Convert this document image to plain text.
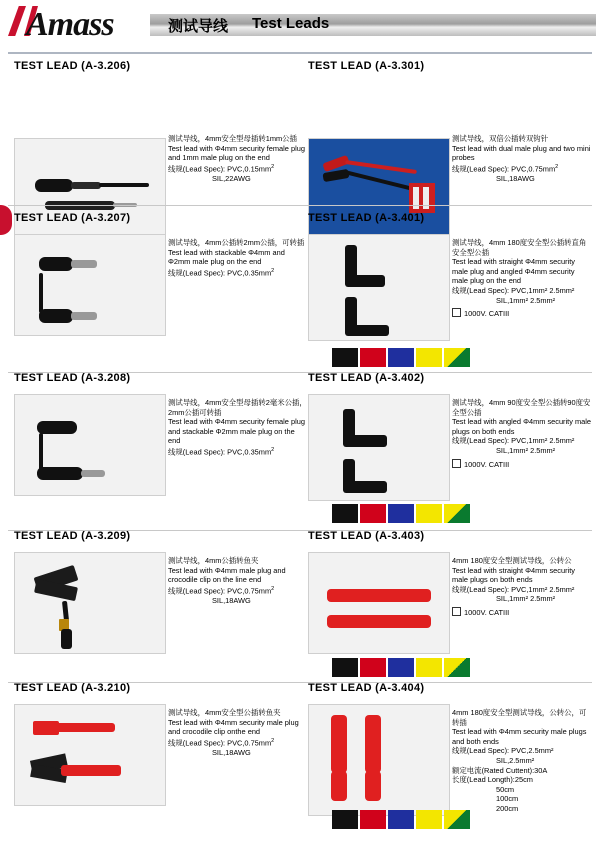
Amass	测试导线 Test Leads
TEST LEAD (A-3.206)
测试导线，4mm安全型母插转1mm公插
Test lead with Φ4mm security female plug and 1mm male plug on the end
线规(Lead Spec): $PVC,0.15mm^2$

SIL,22AWG
TEST LEAD (A-3.301)
测试导线，双倍公插转双钩针
Test lead with dual male plug and two mini probes
线规(Lead Spec): $PVC,0.75mm^2$

SIL,18AWG
TEST LEAD (A-3.207)
测试导线，4mm公插转2mm公插，可转插
Test lead with stackable Φ4mm and Φ2mm male plug on the end
线规(Lead Spec): $PVC,0.35mm^2$
TEST LEAD (A-3.401)
测试导线，4mm 180度安全型公插转直角安全型公插
Test lead with straight Φ4mm security male plug and angled Φ4mm security male plug on the end
线规(Lead Spec): PVC,1mm² 2.5mm²

SIL,1mm² 2.5mm²
1000V. CATIII
TEST LEAD (A-3.208)
测试导线，4mm安全型母插转2毫米公插，2mm公插可转插
Test lead with Φ4mm security female plug and stackable Φ2mm male plug on the end
线规(Lead Spec): $PVC,0.35mm^2$
TEST LEAD (A-3.402)
测试导线，4mm 90度安全型公插转90度安全型公插
Test lead with angled Φ4mm security male plugs on both ends
线规(Lead Spec): PVC,1mm² 2.5mm²

SIL,1mm² 2.5mm²
1000V. CATIII
TEST LEAD (A-3.209)
测试导线，4mm公插转鱼夹
Test lead with Φ4mm male plug and crocodile clip on the line end
线规(Lead Spec): $PVC,0.75mm^2$

SIL,18AWG
TEST LEAD (A-3.403)
4mm 180度安全型测试导线，公转公
Test lead with straight Φ4mm security male plugs on both ends
线规(Lead Spec): PVC,1mm² 2.5mm²

SIL,1mm² 2.5mm²
1000V. CATIII
TEST LEAD (A-3.210)
测试导线，4mm安全型公插转鱼夹
Test lead with Φ4mm security male plug and crocodile clip onthe end
线规(Lead Spec): $PVC,0.75mm^2$

SIL,18AWG
TEST LEAD (A-3.404)
4mm 180度安全型测试导线，公转公，可转插
Test lead with Φ4mm security male plugs and both ends
线规(Lead Spec): PVC,2.5mm²

SIL,2.5mm²
额定电流(Rated Cuttent):30A
长度(Lead Longth):25cm

50cm
100cm
200cm
